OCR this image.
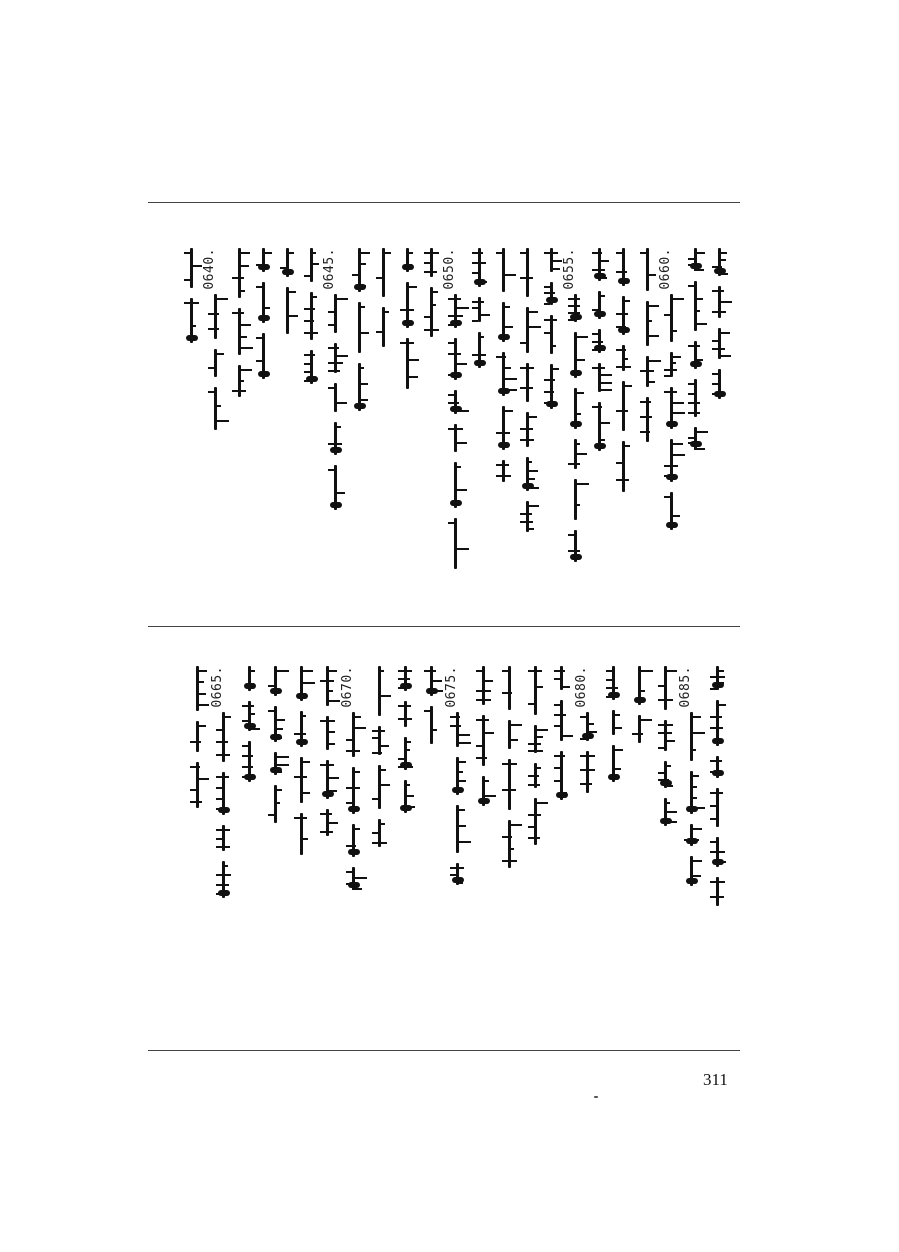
0660.
0655.
0650.
0645.
0640.
0685.
0680.
0675.
0670.
0665.
311
